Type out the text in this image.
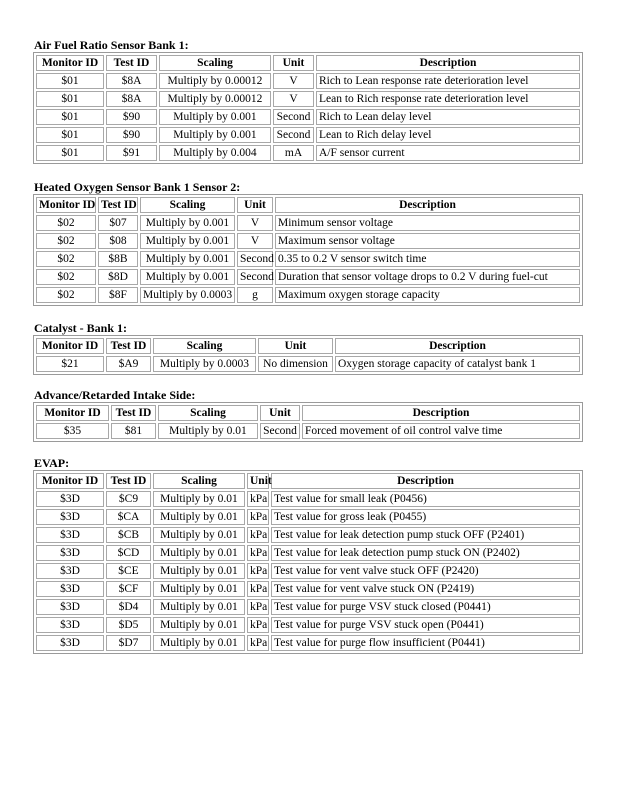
Air Fuel Ratio Sensor Bank 1:
Monitor ID	Test ID	Scaling	Unit	Description
$01	$8A	Multiply by 0.00012	V	Rich to Lean response rate deterioration level
$01	$8A	Multiply by 0.00012	V	Lean to Rich response rate deterioration level
$01	$90	Multiply by 0.001	Second	Rich to Lean delay level
$01	$90	Multiply by 0.001	Second	Lean to Rich delay level
$01	$91	Multiply by 0.004	mA	A/F sensor current
Heated Oxygen Sensor Bank 1 Sensor 2:
Monitor ID	Test ID	Scaling	Unit	Description
$02	$07	Multiply by 0.001	V	Minimum sensor voltage
$02	$08	Multiply by 0.001	V	Maximum sensor voltage
$02	$8B	Multiply by 0.001	Second	0.35 to 0.2 V sensor switch time
$02	$8D	Multiply by 0.001	Second	Duration that sensor voltage drops to 0.2 V during fuel-cut
$02	$8F	Multiply by 0.0003	g	Maximum oxygen storage capacity
Catalyst - Bank 1:
Monitor ID	Test ID	Scaling	Unit	Description
$21	$A9	Multiply by 0.0003	No dimension	Oxygen storage capacity of catalyst bank 1
Advance/Retarded Intake Side:
Monitor ID	Test ID	Scaling	Unit	Description
$35	$81	Multiply by 0.01	Second	Forced movement of oil control valve time
EVAP:
Monitor ID	Test ID	Scaling	Unit	Description
$3D	$C9	Multiply by 0.01	kPa	Test value for small leak (P0456)
$3D	$CA	Multiply by 0.01	kPa	Test value for gross leak (P0455)
$3D	$CB	Multiply by 0.01	kPa	Test value for leak detection pump stuck OFF (P2401)
$3D	$CD	Multiply by 0.01	kPa	Test value for leak detection pump stuck ON (P2402)
$3D	$CE	Multiply by 0.01	kPa	Test value for vent valve stuck OFF (P2420)
$3D	$CF	Multiply by 0.01	kPa	Test value for vent valve stuck ON (P2419)
$3D	$D4	Multiply by 0.01	kPa	Test value for purge VSV stuck closed (P0441)
$3D	$D5	Multiply by 0.01	kPa	Test value for purge VSV stuck open (P0441)
$3D	$D7	Multiply by 0.01	kPa	Test value for purge flow insufficient (P0441)
